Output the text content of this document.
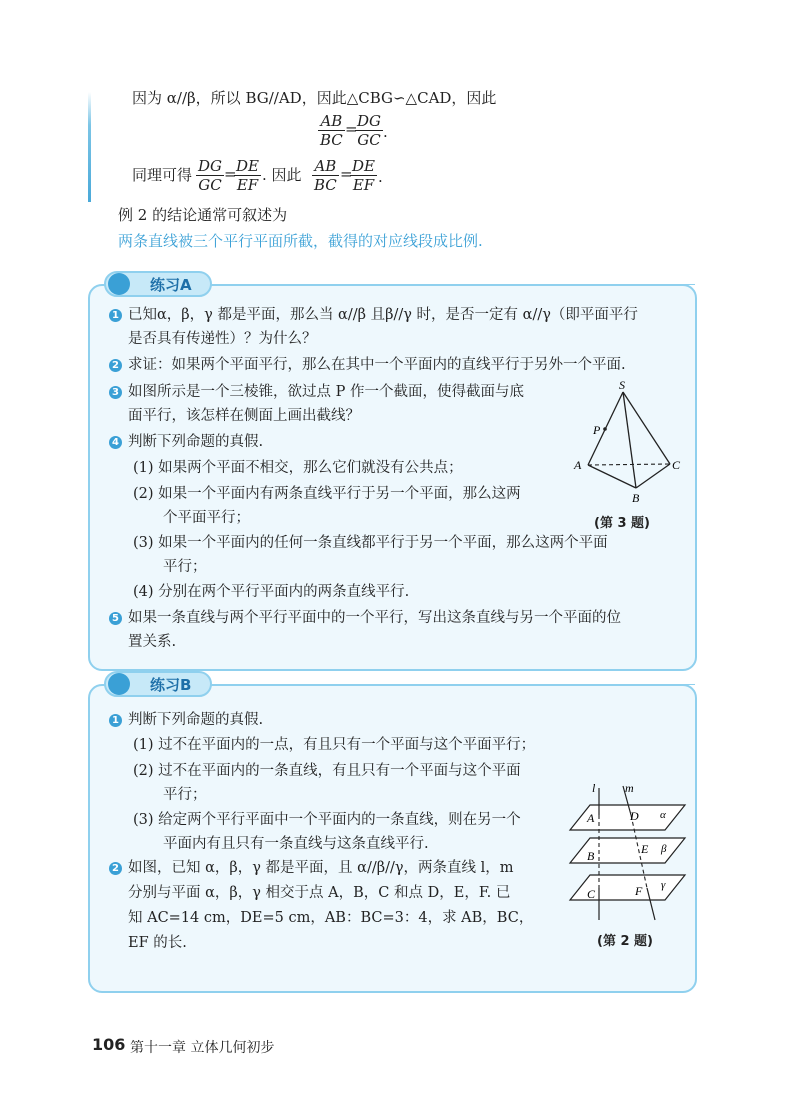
因为 α//β，所以 BG//AD，因此△CBG∽△CAD，因此
$\frac{AB}{BC}$ =
$\frac{DG}{GC}$ .
同理可得 $\frac{DG}{GC}$ =
$\frac{DE}{EF}$ . 因此 $\frac{AB}{BC}$ =
$\frac{DE}{EF}$ .
例 2 的结论通常可叙述为
两条直线被三个平行平面所截，截得的对应线段成比例.
练习A
1 已知α，β，γ 都是平面，那么当 α//β 且β//γ 时，是否一定有 α//γ（即平面平行
是否具有传递性）？为什么？
2 求证：如果两个平面平行，那么在其中一个平面内的直线平行于另外一个平面.
3 如图所示是一个三棱锥，欲过点 P 作一个截面，使得截面与底
面平行，该怎样在侧面上画出截线？
4 判断下列命题的真假.
(1) 如果两个平面不相交，那么它们就没有公共点；
(2) 如果一个平面内有两条直线平行于另一个平面，那么这两
个平面平行；
(3) 如果一个平面内的任何一条直线都平行于另一个平面，那么这两个平面
平行；
(4) 分别在两个平行平面内的两条直线平行.
5 如果一条直线与两个平行平面中的一个平行，写出这条直线与另一个平面的位
置关系.
S
P
A	C
B
(第 3 题)
练习B
1 判断下列命题的真假.
(1) 过不在平面内的一点，有且只有一个平面与这个平面平行；
(2) 过不在平面内的一条直线，有且只有一个平面与这个平面
平行；
(3) 给定两个平行平面中一个平面内的一条直线，则在另一个
平面内有且只有一条直线与这条直线平行.
2 如图，已知 α，β，γ 都是平面，且 α//β//γ，两条直线 l，m
分别与平面 α，β，γ 相交于点 A，B，C 和点 D，E，F. 已
知 AC=14 cm，DE=5 cm，AB：BC=3：4，求 AB，BC，
EF 的长.
l m
A	D α
B	E β
C	F γ
(第 2 题)
106 第十一章 立体几何初步
